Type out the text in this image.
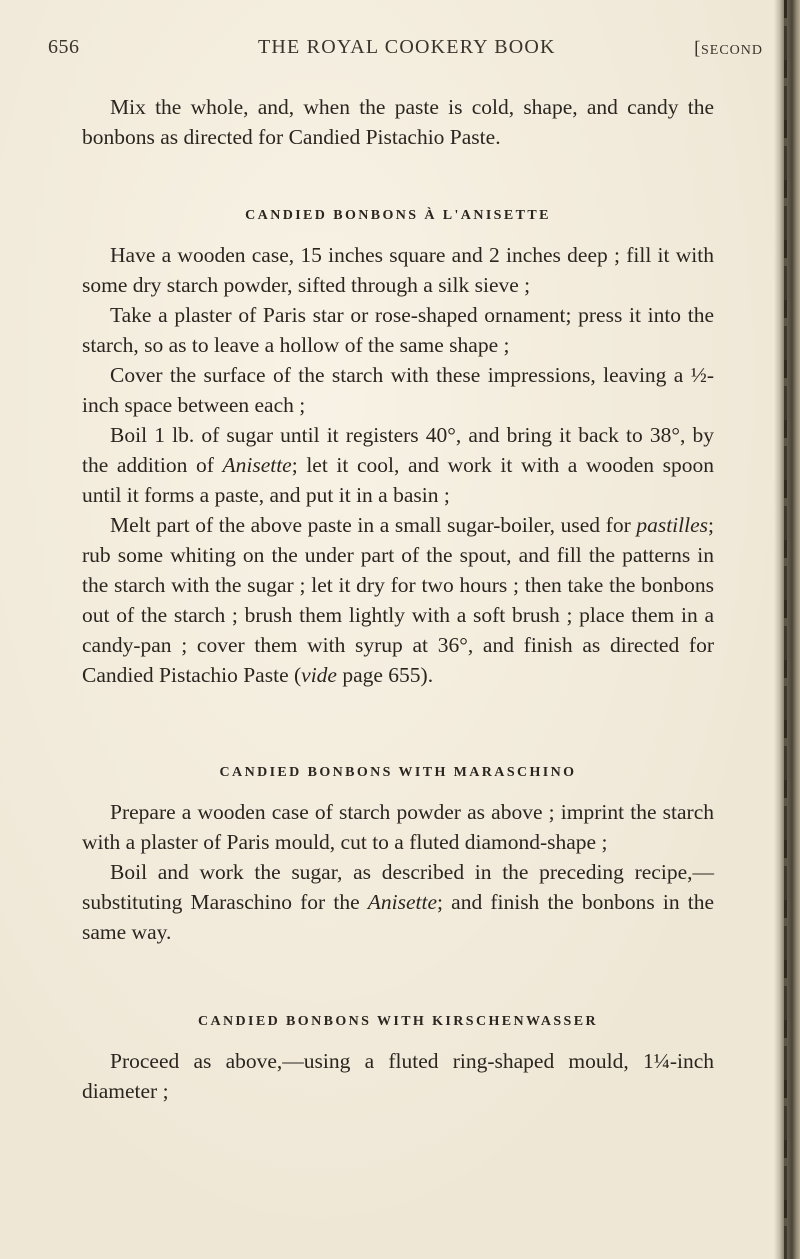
656	THE ROYAL COOKERY BOOK	[SECOND

Mix the whole, and, when the paste is cold, shape, and candy the bonbons as directed for Candied Pistachio Paste.

CANDIED BONBONS À L'ANISETTE

Have a wooden case, 15 inches square and 2 inches deep ; fill it with some dry starch powder, sifted through a silk sieve ;

Take a plaster of Paris star or rose-shaped ornament; press it into the starch, so as to leave a hollow of the same shape ;

Cover the surface of the starch with these impressions, leaving a ½-inch space between each ;

Boil 1 lb. of sugar until it registers 40°, and bring it back to 38°, by the addition of Anisette; let it cool, and work it with a wooden spoon until it forms a paste, and put it in a basin ;

Melt part of the above paste in a small sugar-boiler, used for pastilles; rub some whiting on the under part of the spout, and fill the patterns in the starch with the sugar ; let it dry for two hours ; then take the bonbons out of the starch ; brush them lightly with a soft brush ; place them in a candy-pan ; cover them with syrup at 36°, and finish as directed for Candied Pistachio Paste (vide page 655).

CANDIED BONBONS WITH MARASCHINO

Prepare a wooden case of starch powder as above ; imprint the starch with a plaster of Paris mould, cut to a fluted diamond-shape ;

Boil and work the sugar, as described in the preceding recipe,—substituting Maraschino for the Anisette; and finish the bonbons in the same way.

CANDIED BONBONS WITH KIRSCHENWASSER

Proceed as above,—using a fluted ring-shaped mould, 1¼-inch diameter ;
